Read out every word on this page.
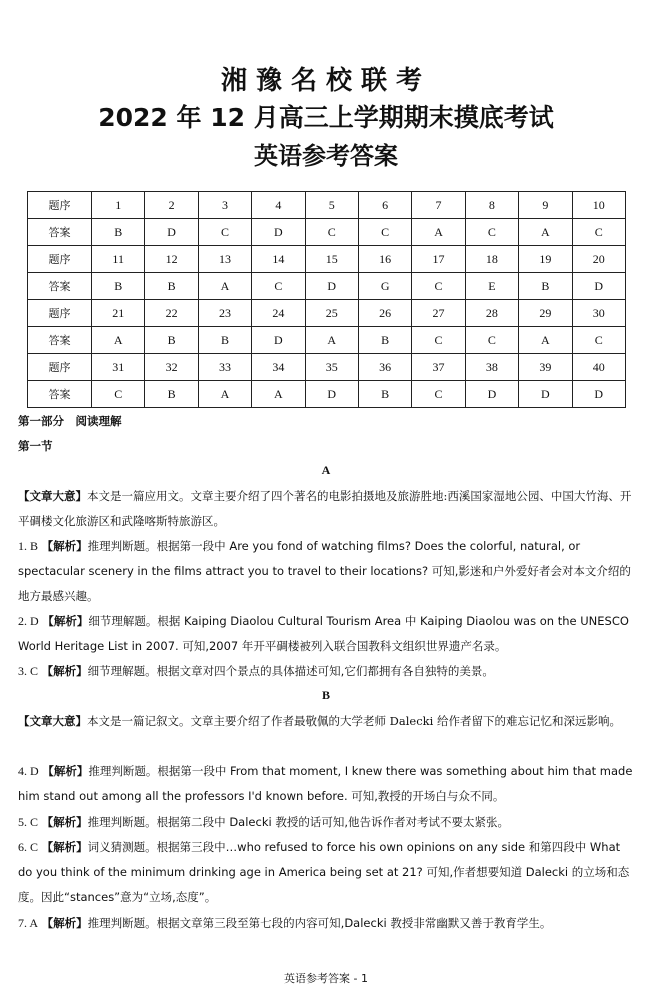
湘豫名校联考
2022 年 12 月高三上学期期末摸底考试
英语参考答案
题序	1	2	3	4	5	6	7	8	9	10
答案	B	D	C	D	C	C	A	C	A	C
题序	11	12	13	14	15	16	17	18	19	20
答案	B	B	A	C	D	G	C	E	B	D
题序	21	22	23	24	25	26	27	28	29	30
答案	A	B	B	D	A	B	C	C	A	C
题序	31	32	33	34	35	36	37	38	39	40
答案	C	B	A	A	D	B	C	D	D	D
第一部分　阅读理解
第一节
A
【文章大意】本文是一篇应用文。文章主要介绍了四个著名的电影拍摄地及旅游胜地:西溪国家湿地公园、中国大竹海、开平碉楼文化旅游区和武隆喀斯特旅游区。
1. B 【解析】推理判断题。根据第一段中 Are you fond of watching films? Does the colorful, natural, or spectacular scenery in the films attract you to travel to their locations? 可知,影迷和户外爱好者会对本文介绍的地方最感兴趣。
2. D 【解析】细节理解题。根据 Kaiping Diaolou Cultural Tourism Area 中 Kaiping Diaolou was on the UNESCO World Heritage List in 2007. 可知,2007 年开平碉楼被列入联合国教科文组织世界遗产名录。
3. C 【解析】细节理解题。根据文章对四个景点的具体描述可知,它们都拥有各自独特的美景。
B
【文章大意】本文是一篇记叙文。文章主要介绍了作者最敬佩的大学老师 Dalecki 给作者留下的难忘记忆和深远影响。
4. D 【解析】推理判断题。根据第一段中 From that moment, I knew there was something about him that made him stand out among all the professors I'd known before. 可知,教授的开场白与众不同。
5. C 【解析】推理判断题。根据第二段中 Dalecki 教授的话可知,他告诉作者对考试不要太紧张。
6. C 【解析】词义猜测题。根据第三段中…who refused to force his own opinions on any side 和第四段中 What do you think of the minimum drinking age in America being set at 21? 可知,作者想要知道 Dalecki 的立场和态度。因此“stances”意为“立场,态度”。
7. A 【解析】推理判断题。根据文章第三段至第七段的内容可知,Dalecki 教授非常幽默又善于教育学生。
英语参考答案 - 1
